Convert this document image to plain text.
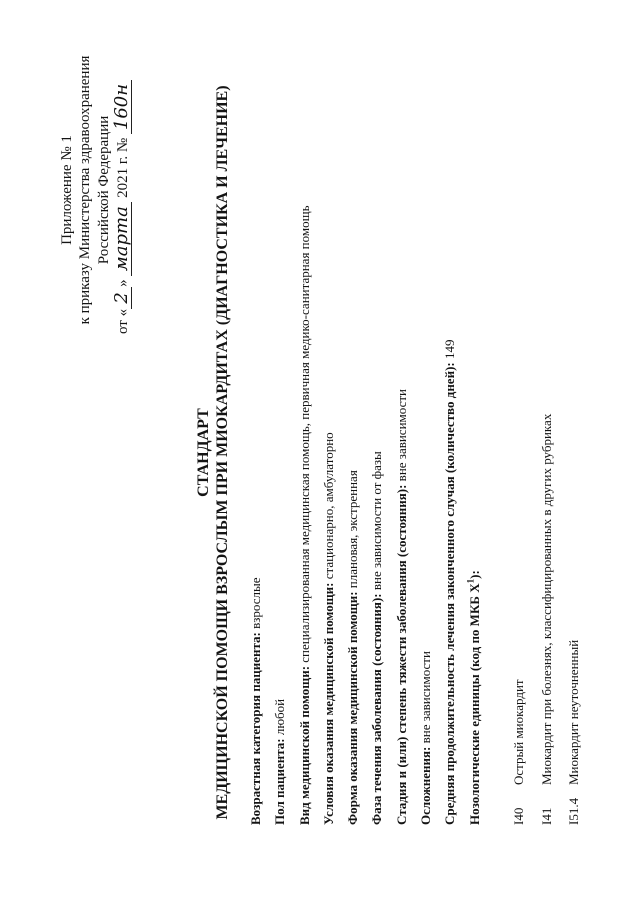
Приложение № 1 к приказу Министерства здравоохранения Российской Федерации
от «2» марта 2021 г. № 160н
СТАНДАРТ МЕДИЦИНСКОЙ ПОМОЩИ ВЗРОСЛЫМ ПРИ МИОКАРДИТАХ (ДИАГНОСТИКА И ЛЕЧЕНИЕ)	Возрастная категория пациента: взрослые
Пол пациента: любой Вид медицинской помощи: специализированная медицинская помощь, первичная медико-санитарная помощь
Условия оказания медицинской помощи: стационарно, амбулаторно
Форма оказания медицинской помощи: плановая, экстренная
Фаза течения заболевания (состояния): вне зависимости от фазы Стадия и (или) степень тяжести заболевания (состояния): вне зависимости
Осложнения: вне зависимости Средняя продолжительность лечения законченного случая (количество дней): 149
Нозологические единицы (код по МКБ $X^1$):
I40Острый миокардит
I41Миокардит при болезнях, классифицированных в других рубриках
I51.4Миокардит неуточненный
